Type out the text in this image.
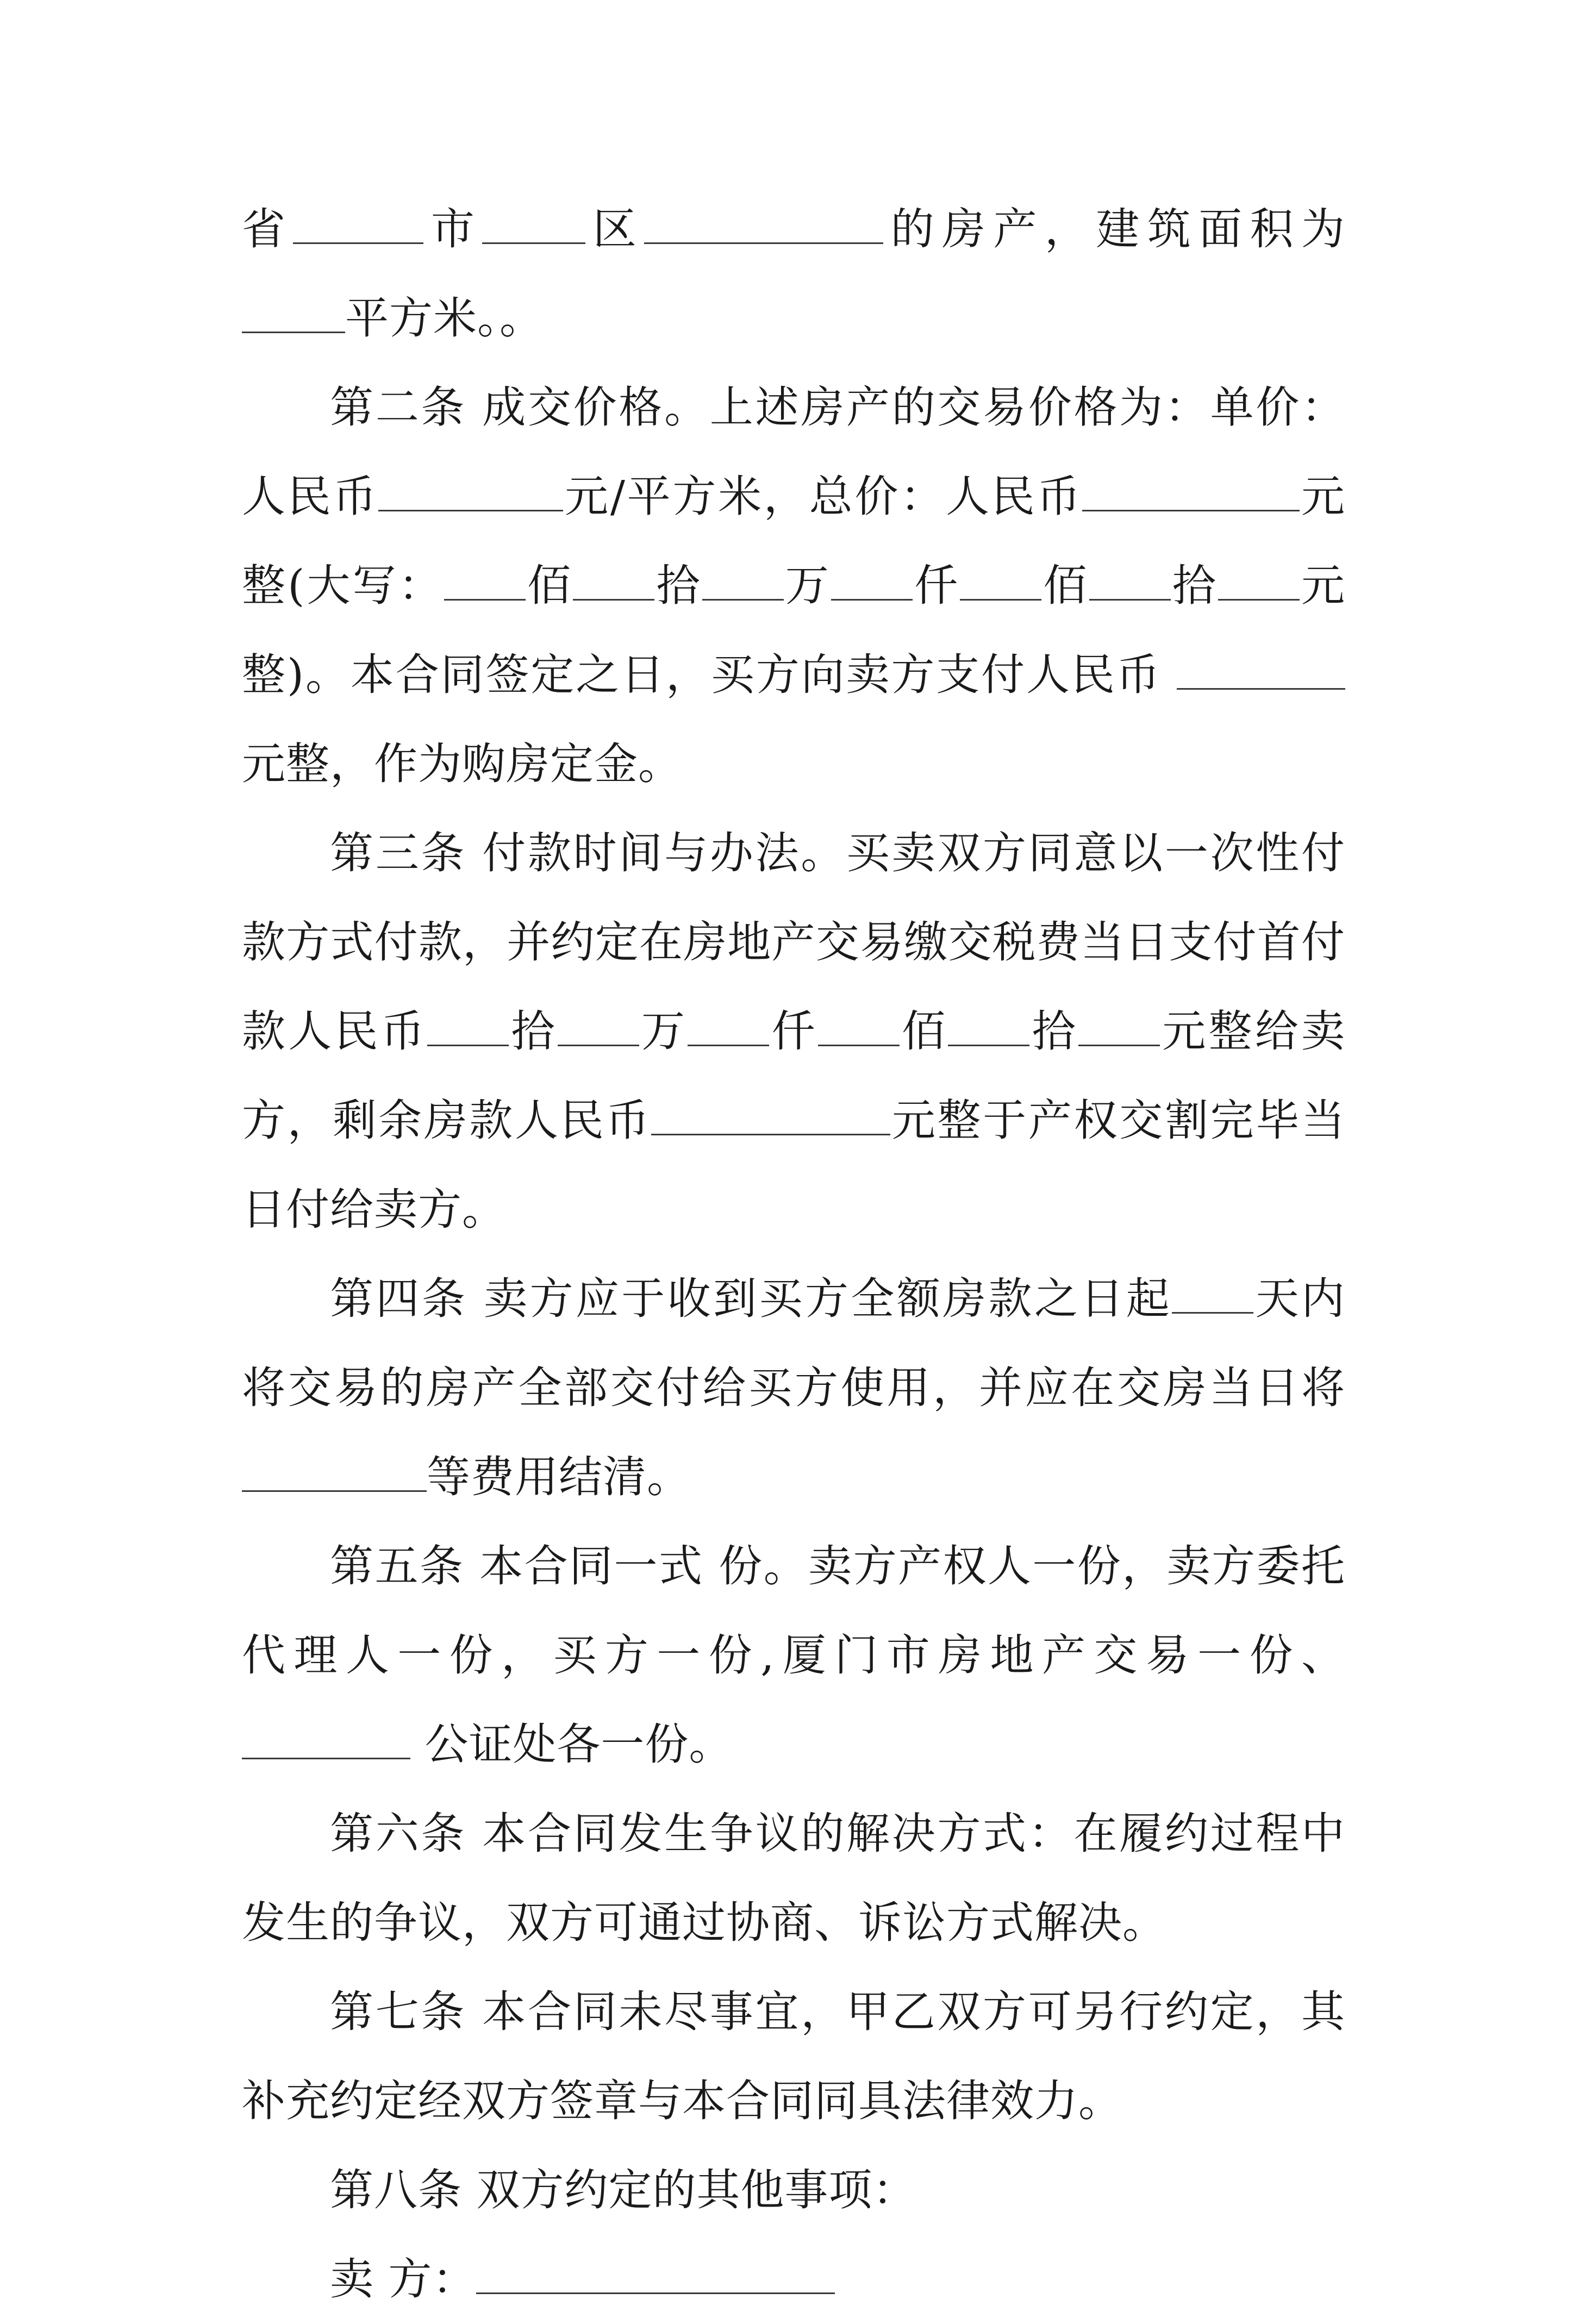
省	市 区	的房产，建筑面积为平方米。。

第二条 成交价格。上述房产的交易价格为：单价：人民币	元/平方米，总价：人民币	元整(大写： 佰 拾 万 仟 佰 拾 元整)。本合同签定之日，买方向卖方支付人民币 元整，作为购房定金。

第三条 付款时间与办法。买卖双方同意以一次性付款方式付款，并约定在房地产交易缴交税费当日支付首付款人民币 拾 万 仟 佰 拾 元整给卖方，剩余房款人民币	元整于产权交割完毕当日付给卖方。

第四条 卖方应于收到买方全额房款之日起 天内将交易的房产全部交付给买方使用，并应在交房当日将等费用结清。

第五条 本合同一式 份。卖方产权人一份，卖方委托代理人一份，买方一份,厦门市房地产交易一份、 公证处各一份。

第六条 本合同发生争议的解决方式：在履约过程中发生的争议，双方可通过协商、诉讼方式解决。

第七条 本合同未尽事宜，甲乙双方可另行约定，其补充约定经双方签章与本合同同具法律效力。

第八条 双方约定的其他事项：

卖 方：
